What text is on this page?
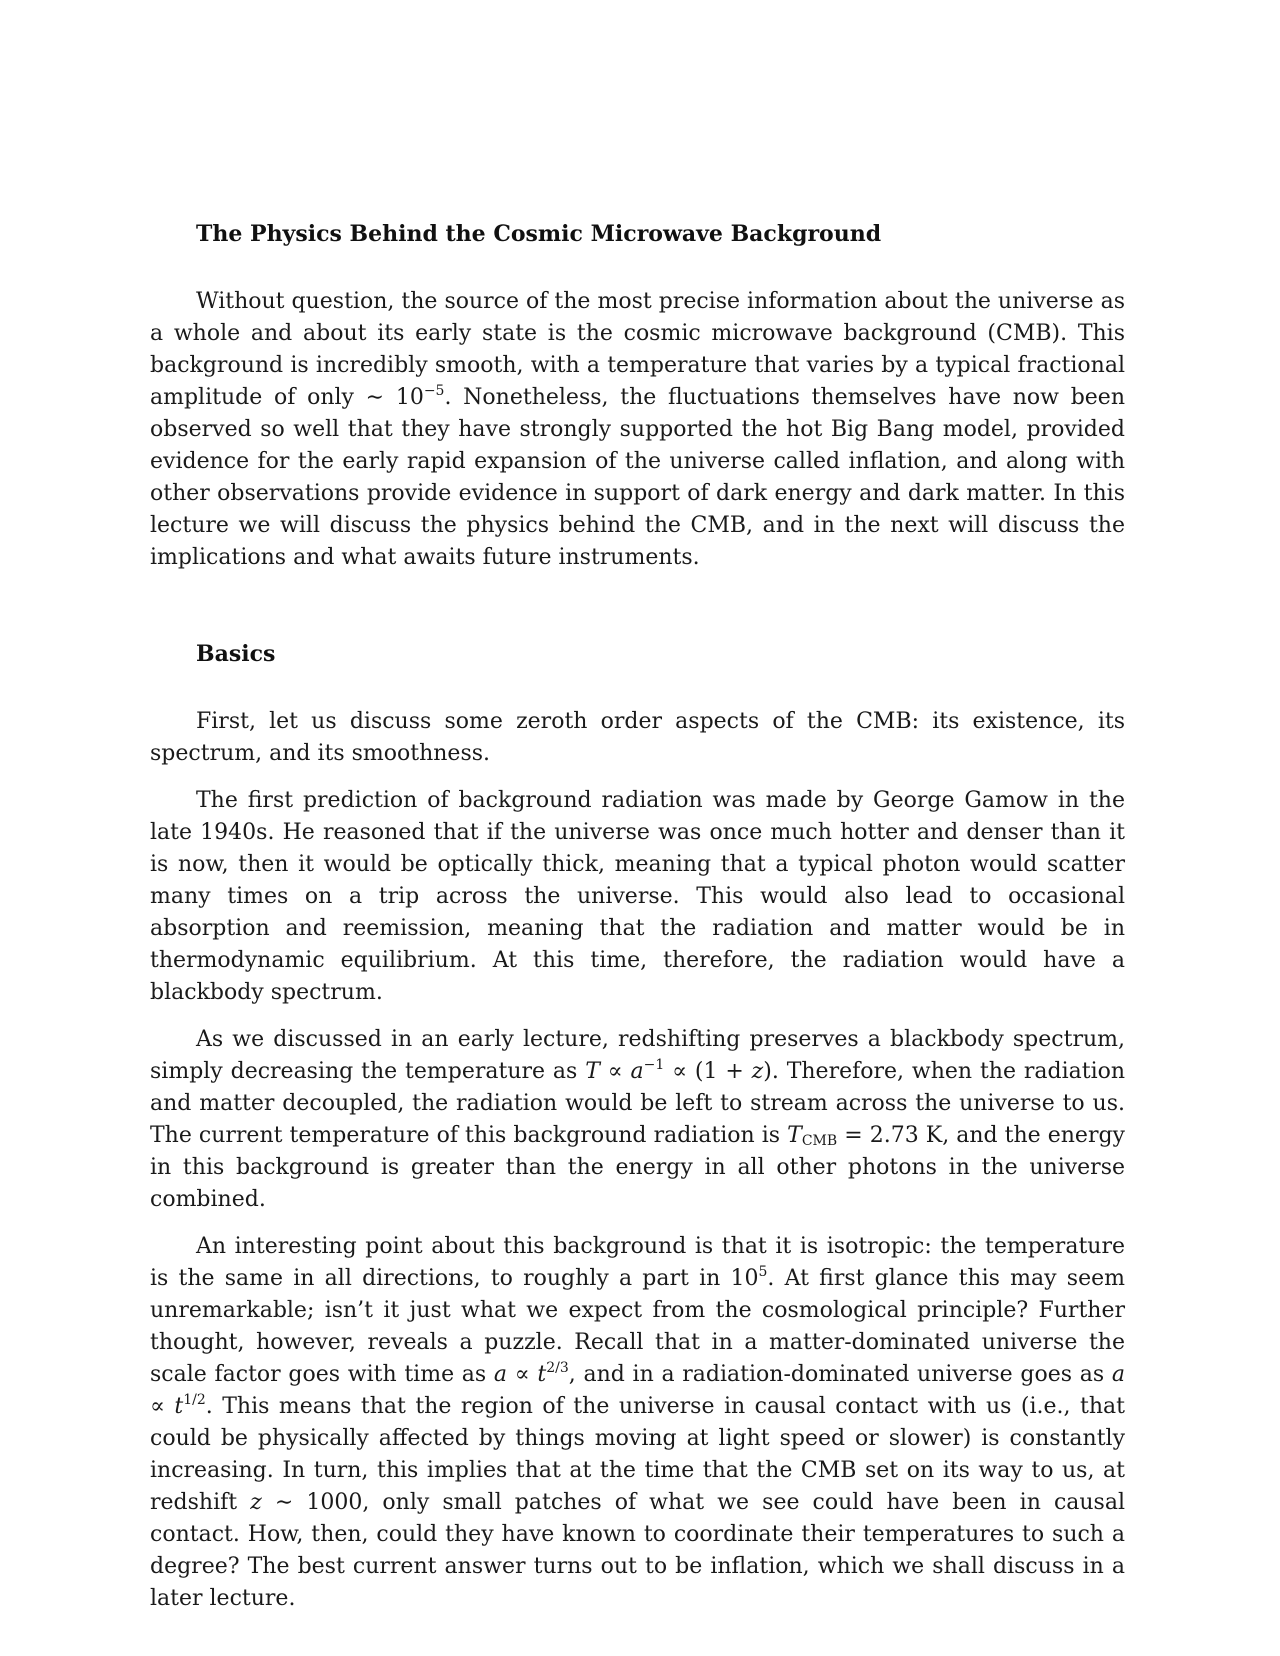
The Physics Behind the Cosmic Microwave Background

Without question, the source of the most precise information about the universe as a whole and about its early state is the cosmic microwave background (CMB). This background is incredibly smooth, with a temperature that varies by a typical fractional amplitude of only ∼ $10^{-5}$. Nonetheless, the fluctuations themselves have now been observed so well that they have strongly supported the hot Big Bang model, provided evidence for the early rapid expansion of the universe called inflation, and along with other observations provide evidence in support of dark energy and dark matter. In this lecture we will discuss the physics behind the CMB, and in the next will discuss the implications and what awaits future instruments.

Basics

First, let us discuss some zeroth order aspects of the CMB: its existence, its spectrum, and its smoothness.

The first prediction of background radiation was made by George Gamow in the late 1940s. He reasoned that if the universe was once much hotter and denser than it is now, then it would be optically thick, meaning that a typical photon would scatter many times on a trip across the universe. This would also lead to occasional absorption and reemission, meaning that the radiation and matter would be in thermodynamic equilibrium. At this time, therefore, the radiation would have a blackbody spectrum.

As we discussed in an early lecture, redshifting preserves a blackbody spectrum, simply decreasing the temperature as $T \propto a^{-1} \propto (1 + z)$. Therefore, when the radiation and matter decoupled, the radiation would be left to stream across the universe to us. The current temperature of this background radiation is $T_{CMB} = 2.73$ K, and the energy in this background is greater than the energy in all other photons in the universe combined.

An interesting point about this background is that it is isotropic: the temperature is the same in all directions, to roughly a part in $10^5$. At first glance this may seem unremarkable; isn’t it just what we expect from the cosmological principle? Further thought, however, reveals a puzzle. Recall that in a matter-dominated universe the scale factor goes with time as $a \propto t^{2/3}$, and in a radiation-dominated universe goes as $a \propto t^{1/2}$. This means that the region of the universe in causal contact with us (i.e., that could be physically affected by things moving at light speed or slower) is constantly increasing. In turn, this implies that at the time that the CMB set on its way to us, at redshift z ∼ 1000, only small patches of what we see could have been in causal contact. How, then, could they have known to coordinate their temperatures to such a degree? The best current answer turns out to be inflation, which we shall discuss in a later lecture.
